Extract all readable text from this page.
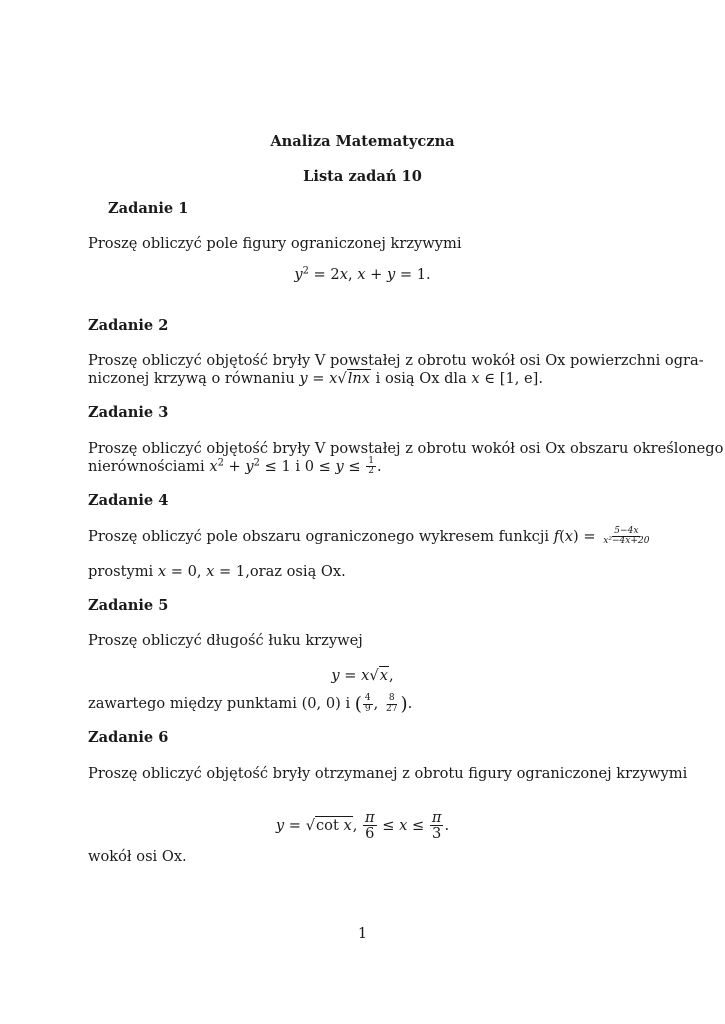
Analiza Matematyczna
Lista zadań 10
Zadanie 1
Proszę obliczyć pole figury ograniczonej krzywymi
$y^2 = 2x$, x + y = 1.
Zadanie 2
Proszę obliczyć objętość bryły V powstałej z obrotu wokół osi Ox powierzchni ogra-
niczonej krzywą o równaniu y = x√lnx i osią Ox dla x ∈ [1, e].
Zadanie 3
Proszę obliczyć objętość bryły V powstałej z obrotu wokół osi Ox obszaru określonego
nierównościami $x^2 + y^2 \le 1$ i $0 \le y \le \frac{1}{2}$ .
Zadanie 4
Proszę obliczyć pole obszaru ograniczonego wykresem funkcji $f(x) = \frac{5-4x}{\text{x²−4x+20}}$
prostymi x = 0, x = 1,oraz osią Ox.
Zadanie 5
Proszę obliczyć długość łuku krzywej
y = x√x,
zawartego między punktami (0, 0) i ( $\frac{4}{9}$ , $\frac{8}{27}$ ).
Zadanie 6
Proszę obliczyć objętość bryły otrzymanej z obrotu figury ograniczonej krzywymi
y = √cot x, $\frac{\pi}{6} \le x \le \frac{\pi}{3}$ .
wokół osi Ox.
1
